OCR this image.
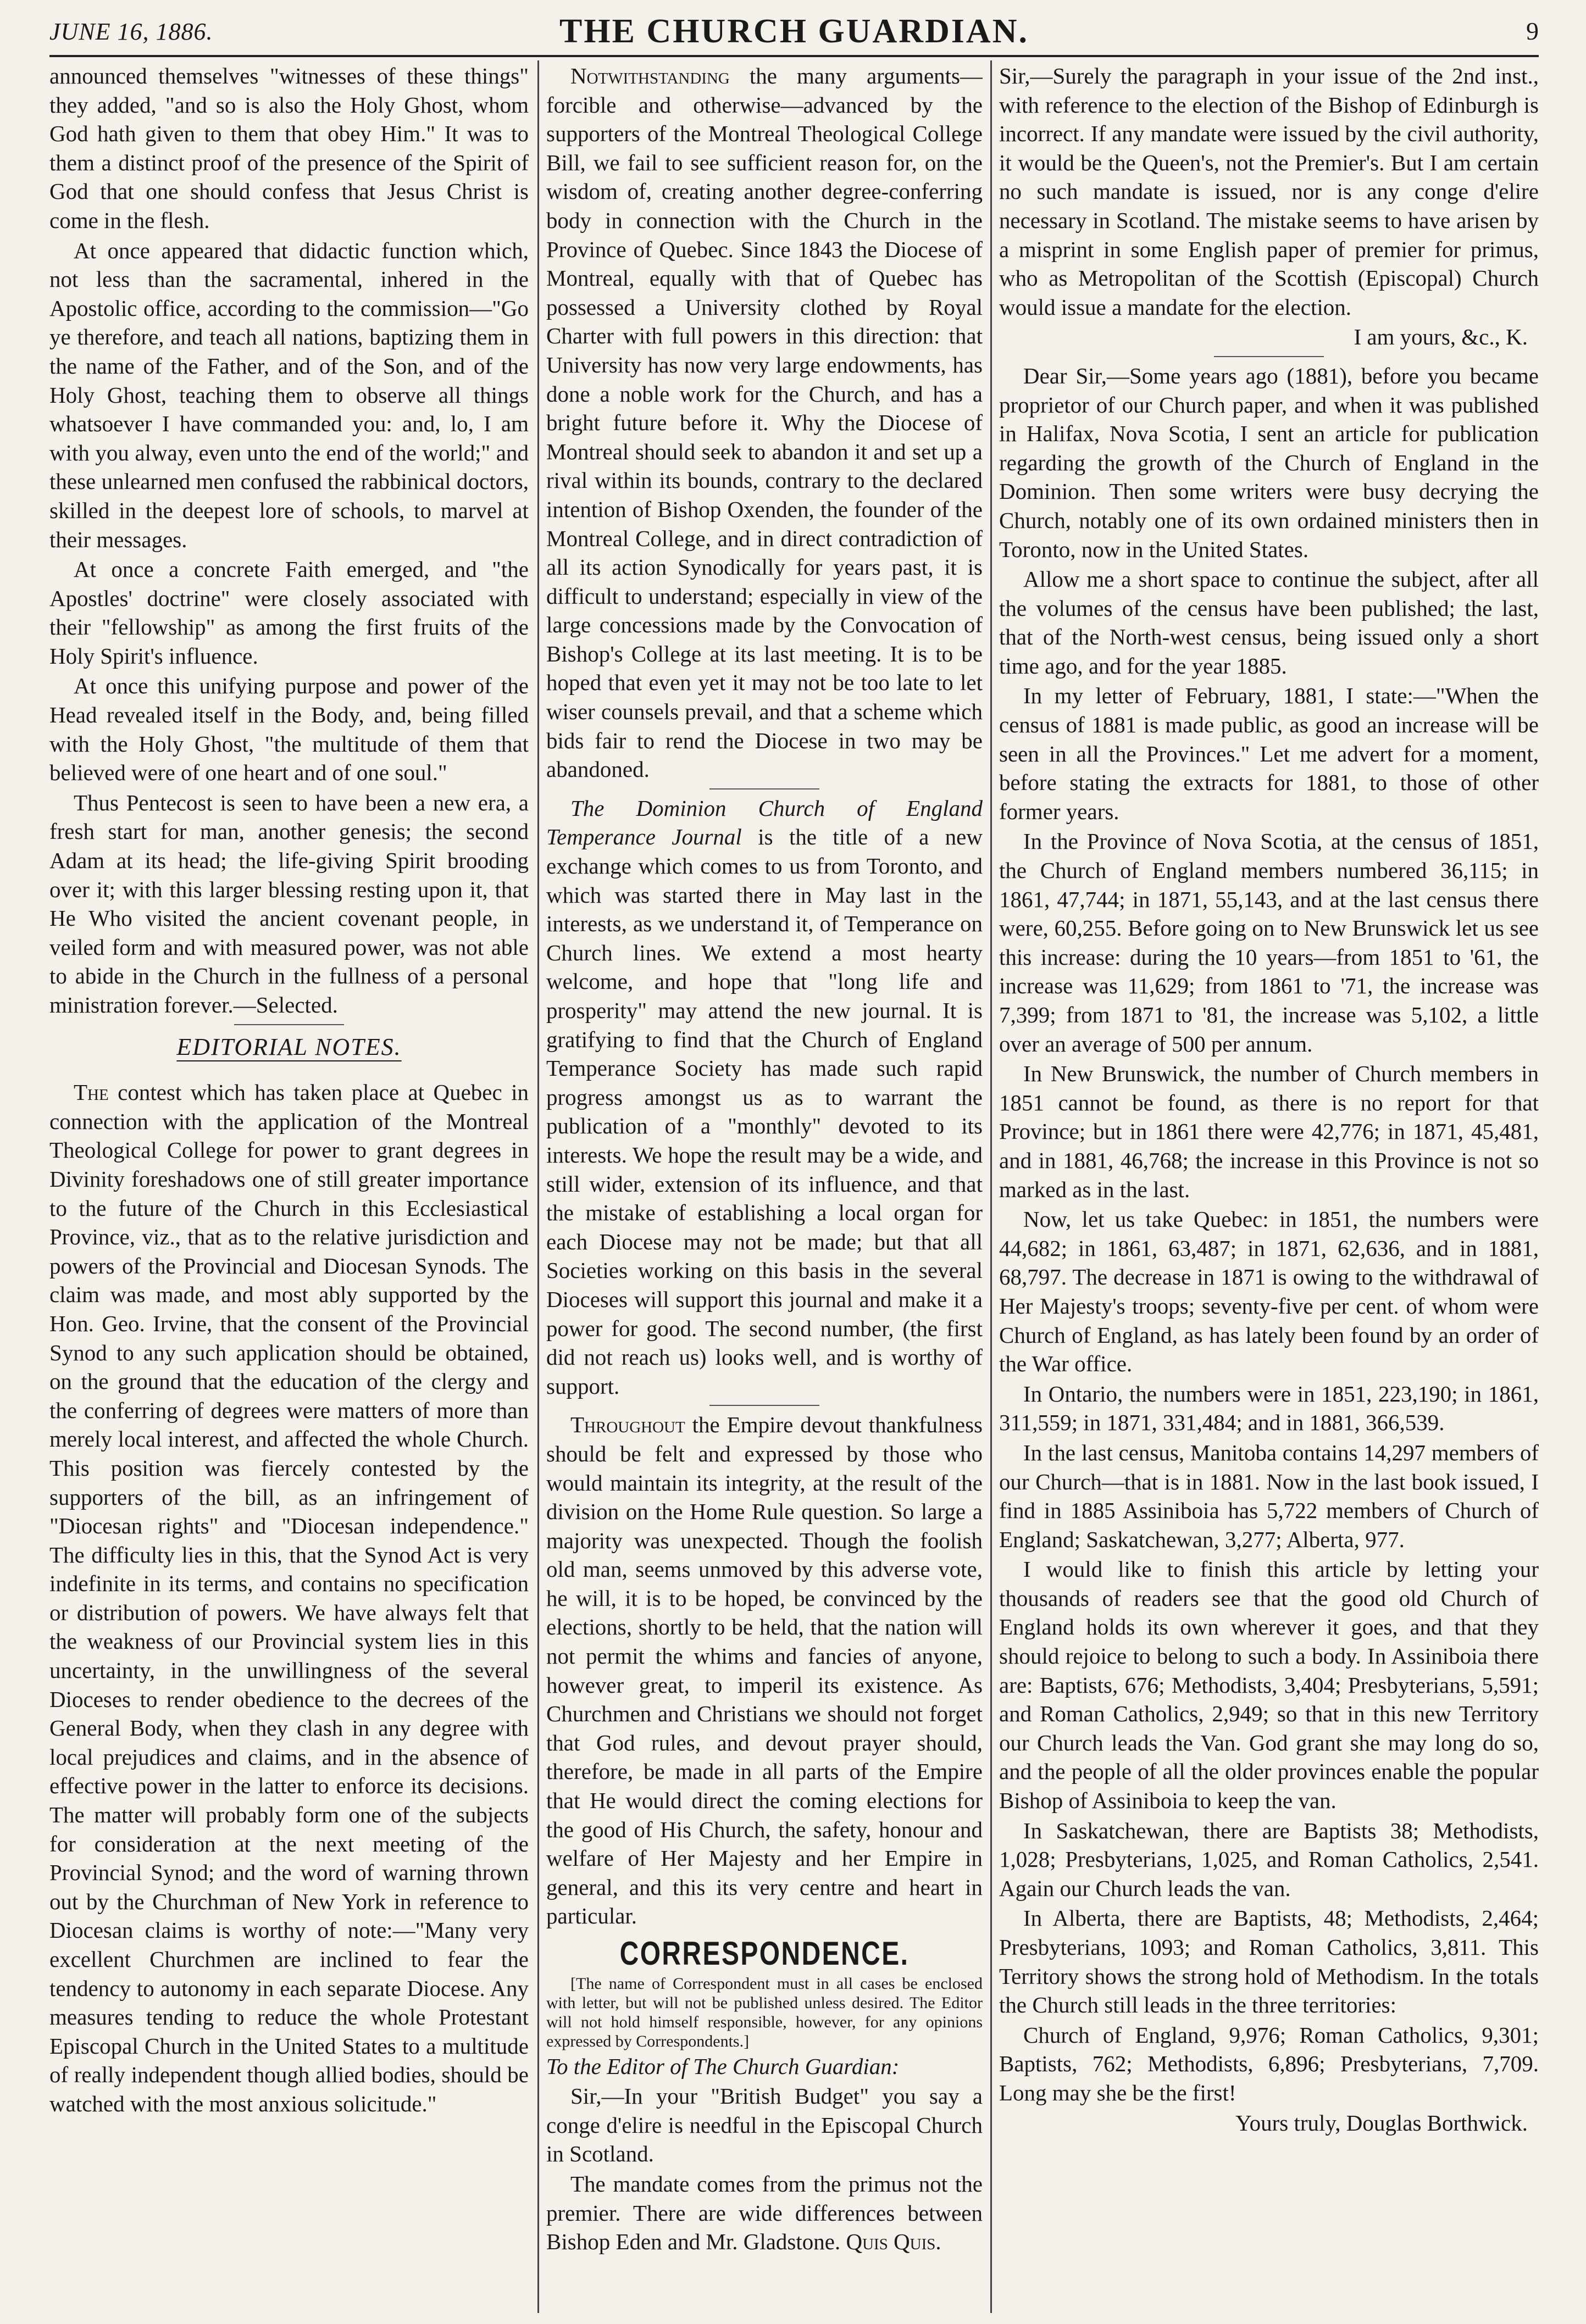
JUNE 16, 1886.	THE CHURCH GUARDIAN.	9

announced themselves "witnesses of these things" they added, "and so is also the Holy Ghost, whom God hath given to them that obey Him." It was to them a distinct proof of the presence of the Spirit of God that one should confess that Jesus Christ is come in the flesh.

At once appeared that didactic function which, not less than the sacramental, inhered in the Apostolic office, according to the commission—"Go ye therefore, and teach all nations, baptizing them in the name of the Father, and of the Son, and of the Holy Ghost, teaching them to observe all things whatsoever I have commanded you: and, lo, I am with you alway, even unto the end of the world;" and these unlearned men confused the rabbinical doctors, skilled in the deepest lore of schools, to marvel at their messages.

At once a concrete Faith emerged, and "the Apostles' doctrine" were closely associated with their "fellowship" as among the first fruits of the Holy Spirit's influence.

At once this unifying purpose and power of the Head revealed itself in the Body, and, being filled with the Holy Ghost, "the multitude of them that believed were of one heart and of one soul."

Thus Pentecost is seen to have been a new era, a fresh start for man, another genesis; the second Adam at its head; the life-giving Spirit brooding over it; with this larger blessing resting upon it, that He Who visited the ancient covenant people, in veiled form and with measured power, was not able to abide in the Church in the fullness of a personal ministration forever.—Selected.

EDITORIAL NOTES.

The contest which has taken place at Quebec in connection with the application of the Montreal Theological College for power to grant degrees in Divinity foreshadows one of still greater importance to the future of the Church in this Ecclesiastical Province, viz., that as to the relative jurisdiction and powers of the Provincial and Diocesan Synods. The claim was made, and most ably supported by the Hon. Geo. Irvine, that the consent of the Provincial Synod to any such application should be obtained, on the ground that the education of the clergy and the conferring of degrees were matters of more than merely local interest, and affected the whole Church. This position was fiercely contested by the supporters of the bill, as an infringement of "Diocesan rights" and "Diocesan independence." The difficulty lies in this, that the Synod Act is very indefinite in its terms, and contains no specification or distribution of powers. We have always felt that the weakness of our Provincial system lies in this uncertainty, in the unwillingness of the several Dioceses to render obedience to the decrees of the General Body, when they clash in any degree with local prejudices and claims, and in the absence of effective power in the latter to enforce its decisions. The matter will probably form one of the subjects for consideration at the next meeting of the Provincial Synod; and the word of warning thrown out by the Churchman of New York in reference to Diocesan claims is worthy of note:—"Many very excellent Churchmen are inclined to fear the tendency to autonomy in each separate Diocese. Any measures tending to reduce the whole Protestant Episcopal Church in the United States to a multitude of really independent though allied bodies, should be watched with the most anxious solicitude."

Notwithstanding the many arguments—forcible and otherwise—advanced by the supporters of the Montreal Theological College Bill, we fail to see sufficient reason for, on the wisdom of, creating another degree-conferring body in connection with the Church in the Province of Quebec. Since 1843 the Diocese of Montreal, equally with that of Quebec has possessed a University clothed by Royal Charter with full powers in this direction: that University has now very large endowments, has done a noble work for the Church, and has a bright future before it. Why the Diocese of Montreal should seek to abandon it and set up a rival within its bounds, contrary to the declared intention of Bishop Oxenden, the founder of the Montreal College, and in direct contradiction of all its action Synodically for years past, it is difficult to understand; especially in view of the large concessions made by the Convocation of Bishop's College at its last meeting. It is to be hoped that even yet it may not be too late to let wiser counsels prevail, and that a scheme which bids fair to rend the Diocese in two may be abandoned.

The Dominion Church of England Temperance Journal is the title of a new exchange which comes to us from Toronto, and which was started there in May last in the interests, as we understand it, of Temperance on Church lines. We extend a most hearty welcome, and hope that "long life and prosperity" may attend the new journal. It is gratifying to find that the Church of England Temperance Society has made such rapid progress amongst us as to warrant the publication of a "monthly" devoted to its interests. We hope the result may be a wide, and still wider, extension of its influence, and that the mistake of establishing a local organ for each Diocese may not be made; but that all Societies working on this basis in the several Dioceses will support this journal and make it a power for good. The second number, (the first did not reach us) looks well, and is worthy of support.

Throughout the Empire devout thankfulness should be felt and expressed by those who would maintain its integrity, at the result of the division on the Home Rule question. So large a majority was unexpected. Though the foolish old man, seems unmoved by this adverse vote, he will, it is to be hoped, be convinced by the elections, shortly to be held, that the nation will not permit the whims and fancies of anyone, however great, to imperil its existence. As Churchmen and Christians we should not forget that God rules, and devout prayer should, therefore, be made in all parts of the Empire that He would direct the coming elections for the good of His Church, the safety, honour and welfare of Her Majesty and her Empire in general, and this its very centre and heart in particular.

CORRESPONDENCE.

[The name of Correspondent must in all cases be enclosed with letter, but will not be published unless desired. The Editor will not hold himself responsible, however, for any opinions expressed by Correspondents.]

To the Editor of The Church Guardian:

Sir,—In your "British Budget" you say a conge d'elire is needful in the Episcopal Church in Scotland.

The mandate comes from the primus not the premier. There are wide differences between Bishop Eden and Mr. Gladstone. Quis Quis.

Sir,—Surely the paragraph in your issue of the 2nd inst., with reference to the election of the Bishop of Edinburgh is incorrect. If any mandate were issued by the civil authority, it would be the Queen's, not the Premier's. But I am certain no such mandate is issued, nor is any conge d'elire necessary in Scotland. The mistake seems to have arisen by a misprint in some English paper of premier for primus, who as Metropolitan of the Scottish (Episcopal) Church would issue a mandate for the election.

I am yours, &c., K.

Dear Sir,—Some years ago (1881), before you became proprietor of our Church paper, and when it was published in Halifax, Nova Scotia, I sent an article for publication regarding the growth of the Church of England in the Dominion. Then some writers were busy decrying the Church, notably one of its own ordained ministers then in Toronto, now in the United States.

Allow me a short space to continue the subject, after all the volumes of the census have been published; the last, that of the North-west census, being issued only a short time ago, and for the year 1885.

In my letter of February, 1881, I state:—"When the census of 1881 is made public, as good an increase will be seen in all the Provinces." Let me advert for a moment, before stating the extracts for 1881, to those of other former years.

In the Province of Nova Scotia, at the census of 1851, the Church of England members numbered 36,115; in 1861, 47,744; in 1871, 55,143, and at the last census there were, 60,255. Before going on to New Brunswick let us see this increase: during the 10 years—from 1851 to '61, the increase was 11,629; from 1861 to '71, the increase was 7,399; from 1871 to '81, the increase was 5,102, a little over an average of 500 per annum.

In New Brunswick, the number of Church members in 1851 cannot be found, as there is no report for that Province; but in 1861 there were 42,776; in 1871, 45,481, and in 1881, 46,768; the increase in this Province is not so marked as in the last.

Now, let us take Quebec: in 1851, the numbers were 44,682; in 1861, 63,487; in 1871, 62,636, and in 1881, 68,797. The decrease in 1871 is owing to the withdrawal of Her Majesty's troops; seventy-five per cent. of whom were Church of England, as has lately been found by an order of the War office.

In Ontario, the numbers were in 1851, 223,190; in 1861, 311,559; in 1871, 331,484; and in 1881, 366,539.

In the last census, Manitoba contains 14,297 members of our Church—that is in 1881. Now in the last book issued, I find in 1885 Assiniboia has 5,722 members of Church of England; Saskatchewan, 3,277; Alberta, 977.

I would like to finish this article by letting your thousands of readers see that the good old Church of England holds its own wherever it goes, and that they should rejoice to belong to such a body. In Assiniboia there are: Baptists, 676; Methodists, 3,404; Presbyterians, 5,591; and Roman Catholics, 2,949; so that in this new Territory our Church leads the Van. God grant she may long do so, and the people of all the older provinces enable the popular Bishop of Assiniboia to keep the van.

In Saskatchewan, there are Baptists 38; Methodists, 1,028; Presbyterians, 1,025, and Roman Catholics, 2,541. Again our Church leads the van.

In Alberta, there are Baptists, 48; Methodists, 2,464; Presbyterians, 1093; and Roman Catholics, 3,811. This Territory shows the strong hold of Methodism. In the totals the Church still leads in the three territories:

Church of England, 9,976; Roman Catholics, 9,301; Baptists, 762; Methodists, 6,896; Presbyterians, 7,709. Long may she be the first!

Yours truly, Douglas Borthwick.
